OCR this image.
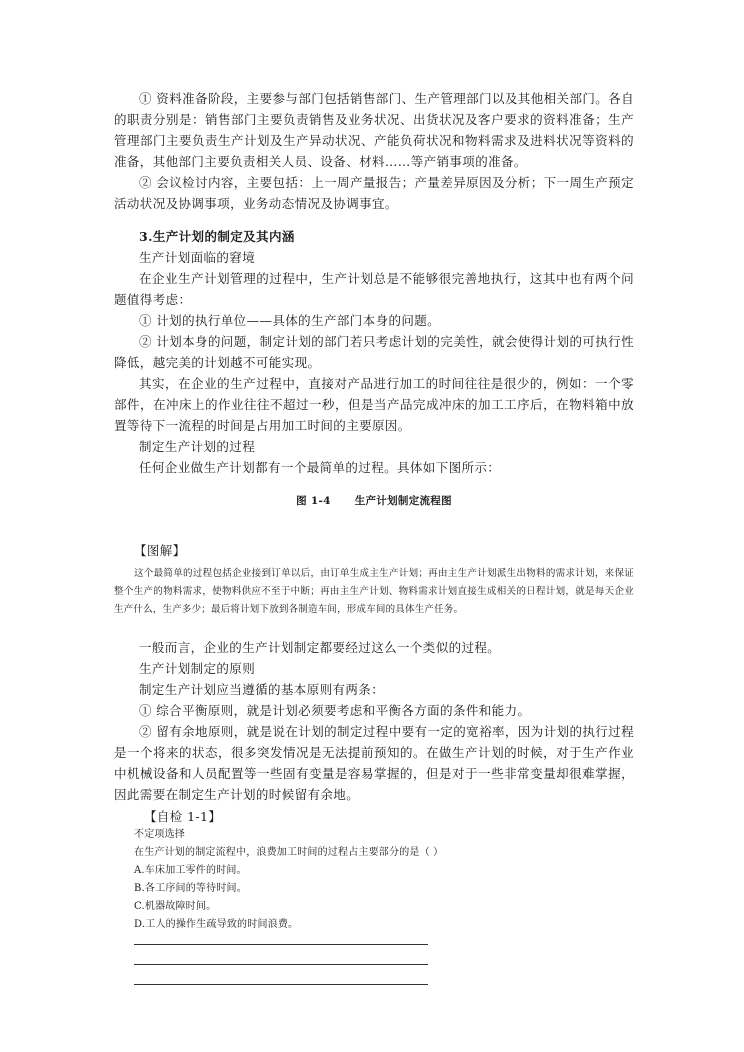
① 资料准备阶段，主要参与部门包括销售部门、生产管理部门以及其他相关部门。各自的职责分别是：销售部门主要负责销售及业务状况、出货状况及客户要求的资料准备；生产管理部门主要负责生产计划及生产异动状况、产能负荷状况和物料需求及进料状况等资料的准备，其他部门主要负责相关人员、设备、材料……等产销事项的准备。

② 会议检讨内容，主要包括：上一周产量报告；产量差异原因及分析；下一周生产预定活动状况及协调事项，业务动态情况及协调事宜。

3.生产计划的制定及其内涵

生产计划面临的窘境

在企业生产计划管理的过程中，生产计划总是不能够很完善地执行，这其中也有两个问题值得考虑：

① 计划的执行单位——具体的生产部门本身的问题。

② 计划本身的问题，制定计划的部门若只考虑计划的完美性，就会使得计划的可执行性降低，越完美的计划越不可能实现。

其实，在企业的生产过程中，直接对产品进行加工的时间往往是很少的，例如：一个零部件，在冲床上的作业往往不超过一秒，但是当产品完成冲床的加工工序后，在物料箱中放置等待下一流程的时间是占用加工时间的主要原因。

制定生产计划的过程

任何企业做生产计划都有一个最简单的过程。具体如下图所示：

图 1-4 生产计划制定流程图

【图解】

这个最简单的过程包括企业接到订单以后，由订单生成主生产计划；再由主生产计划派生出物料的需求计划，来保证整个生产的物料需求，使物料供应不至于中断；再由主生产计划、物料需求计划直接生成相关的日程计划，就是每天企业生产什么，生产多少；最后将计划下放到各制造车间，形成车间的具体生产任务。

一般而言，企业的生产计划制定都要经过这么一个类似的过程。

生产计划制定的原则

制定生产计划应当遵循的基本原则有两条：

① 综合平衡原则，就是计划必须要考虑和平衡各方面的条件和能力。

② 留有余地原则，就是说在计划的制定过程中要有一定的宽裕率，因为计划的执行过程是一个将来的状态，很多突发情况是无法提前预知的。在做生产计划的时候，对于生产作业中机械设备和人员配置等一些固有变量是容易掌握的，但是对于一些非常变量却很难掌握，因此需要在制定生产计划的时候留有余地。

【自检 1-1】

不定项选择

在生产计划的制定流程中，浪费加工时间的过程占主要部分的是（ ）

A.车床加工零件的时间。

B.各工序间的等待时间。

C.机器故障时间。

D.工人的操作生疏导致的时间浪费。
